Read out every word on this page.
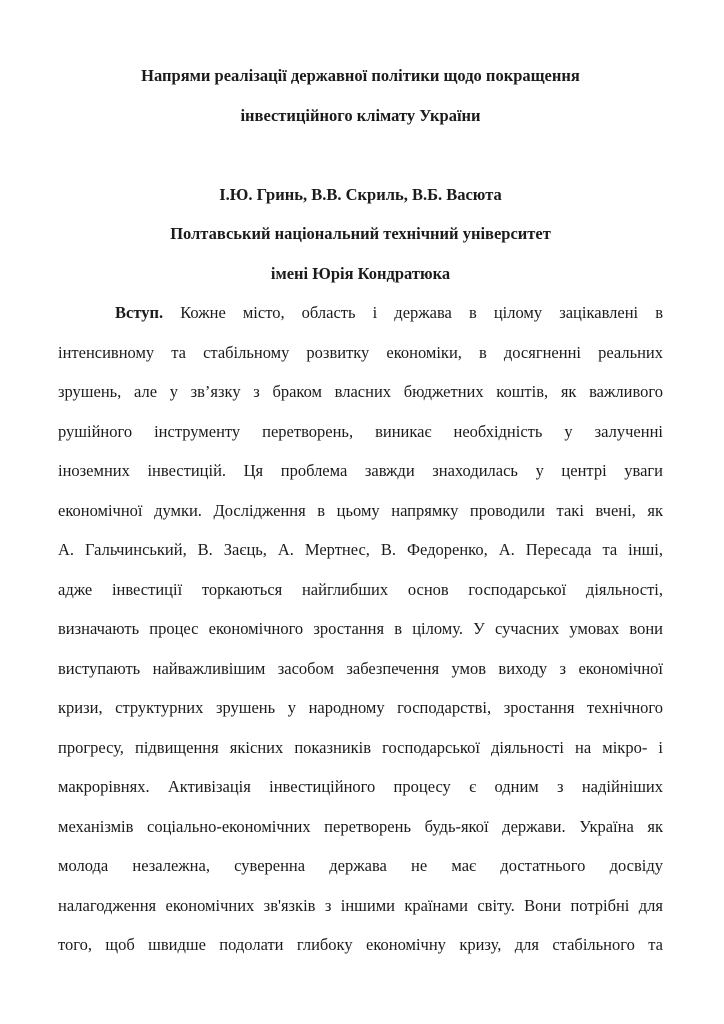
Напрями реалізації державної політики щодо покращення
інвестиційного клімату України
І.Ю. Гринь, В.В. Скриль, В.Б. Васюта
Полтавський національний технічний університет
імені Юрія Кондратюка
Вступ. Кожне місто, область і держава в цілому зацікавлені в
інтенсивному та стабільному розвитку економіки, в досягненні реальних
зрушень, але у зв’язку з браком власних бюджетних коштів, як важливого
рушійного інструменту перетворень, виникає необхідність у залученні
іноземних інвестицій. Ця проблема завжди знаходилась у центрі уваги
економічної думки. Дослідження в цьому напрямку проводили такі вчені, як
А. Гальчинський, В. Заєць, А. Мертнес, В. Федоренко, А. Пересада та інші,
адже інвестиції торкаються найглибших основ господарської діяльності,
визначають процес економічного зростання в цілому. У сучасних умовах вони
виступають найважливішим засобом забезпечення умов виходу з економічної
кризи, структурних зрушень у народному господарстві, зростання технічного
прогресу, підвищення якісних показників господарської діяльності на мікро- і
макрорівнях. Активізація інвестиційного процесу є одним з надійніших
механізмів соціально-економічних перетворень будь-якої держави. Україна як
молода незалежна, суверенна держава не має достатнього досвіду
налагодження економічних зв'язків з іншими країнами світу. Вони потрібні для
того, щоб швидше подолати глибоку економічну кризу, для стабільного та
